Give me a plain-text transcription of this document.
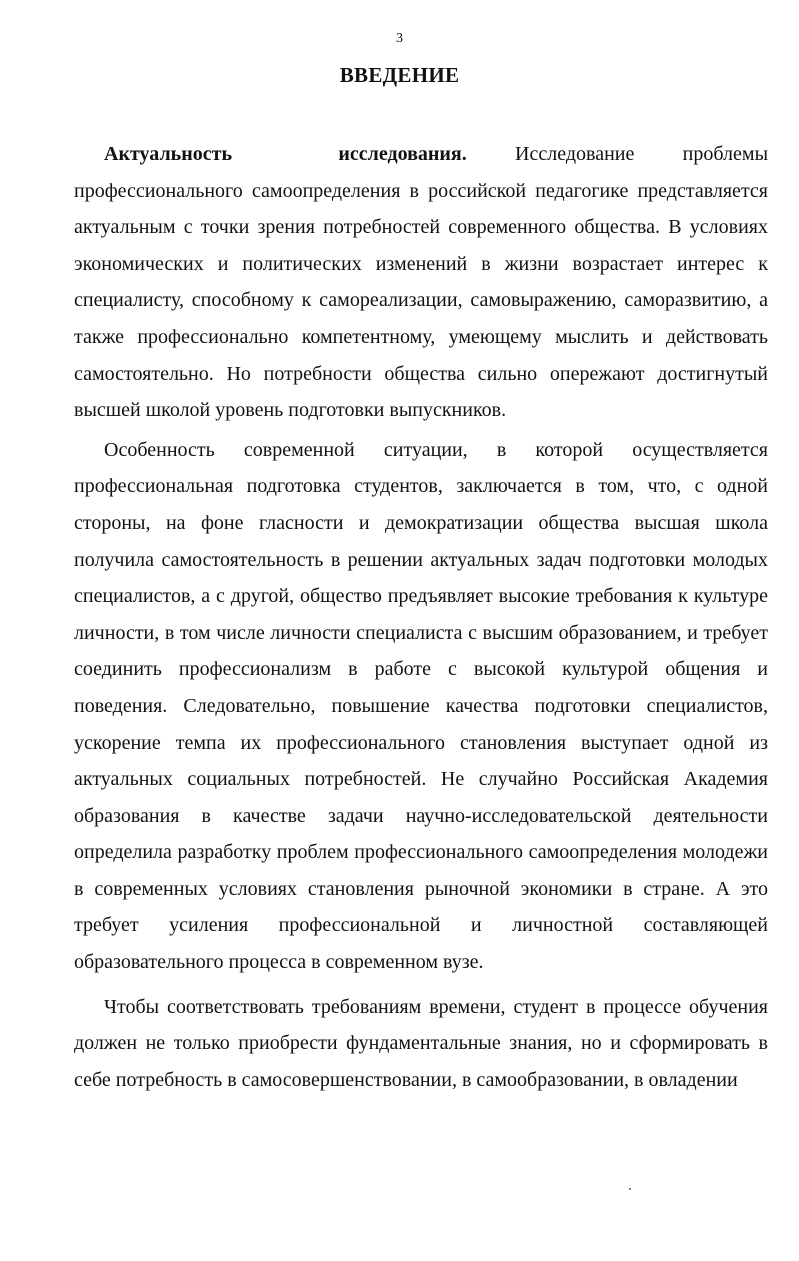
3
ВВЕДЕНИЕ

Актуальность исследования. Исследование проблемы профессионального самоопределения в российской педагогике представляется актуальным с точки зрения потребностей современного общества. В условиях экономических и политических изменений в жизни возрастает интерес к специалисту, способному к самореализации, самовыражению, саморазвитию, а также профессионально компетентному, умеющему мыслить и действовать самостоятельно. Но потребности общества сильно опережают достигнутый высшей школой уровень подготовки выпускников.

Особенность современной ситуации, в которой осуществляется профессиональная подготовка студентов, заключается в том, что, с одной стороны, на фоне гласности и демократизации общества высшая школа получила самостоятельность в решении актуальных задач подготовки молодых специалистов, а с другой, общество предъявляет высокие требования к культуре личности, в том числе личности специалиста с высшим образованием, и требует соединить профессионализм в работе с высокой культурой общения и поведения. Следовательно, повышение качества подготовки специалистов, ускорение темпа их профессионального становления выступает одной из актуальных социальных потребностей. Не случайно Российская Академия образования в качестве задачи научно-исследовательской деятельности определила разработку проблем профессионального самоопределения молодежи в современных условиях становления рыночной экономики в стране. А это требует усиления профессиональной и личностной составляющей образовательного процесса в современном вузе.

Чтобы соответствовать требованиям времени, студент в процессе обучения должен не только приобрести фундаментальные знания, но и сформировать в себе потребность в самосовершенствовании, в самообразовании, в овладении
